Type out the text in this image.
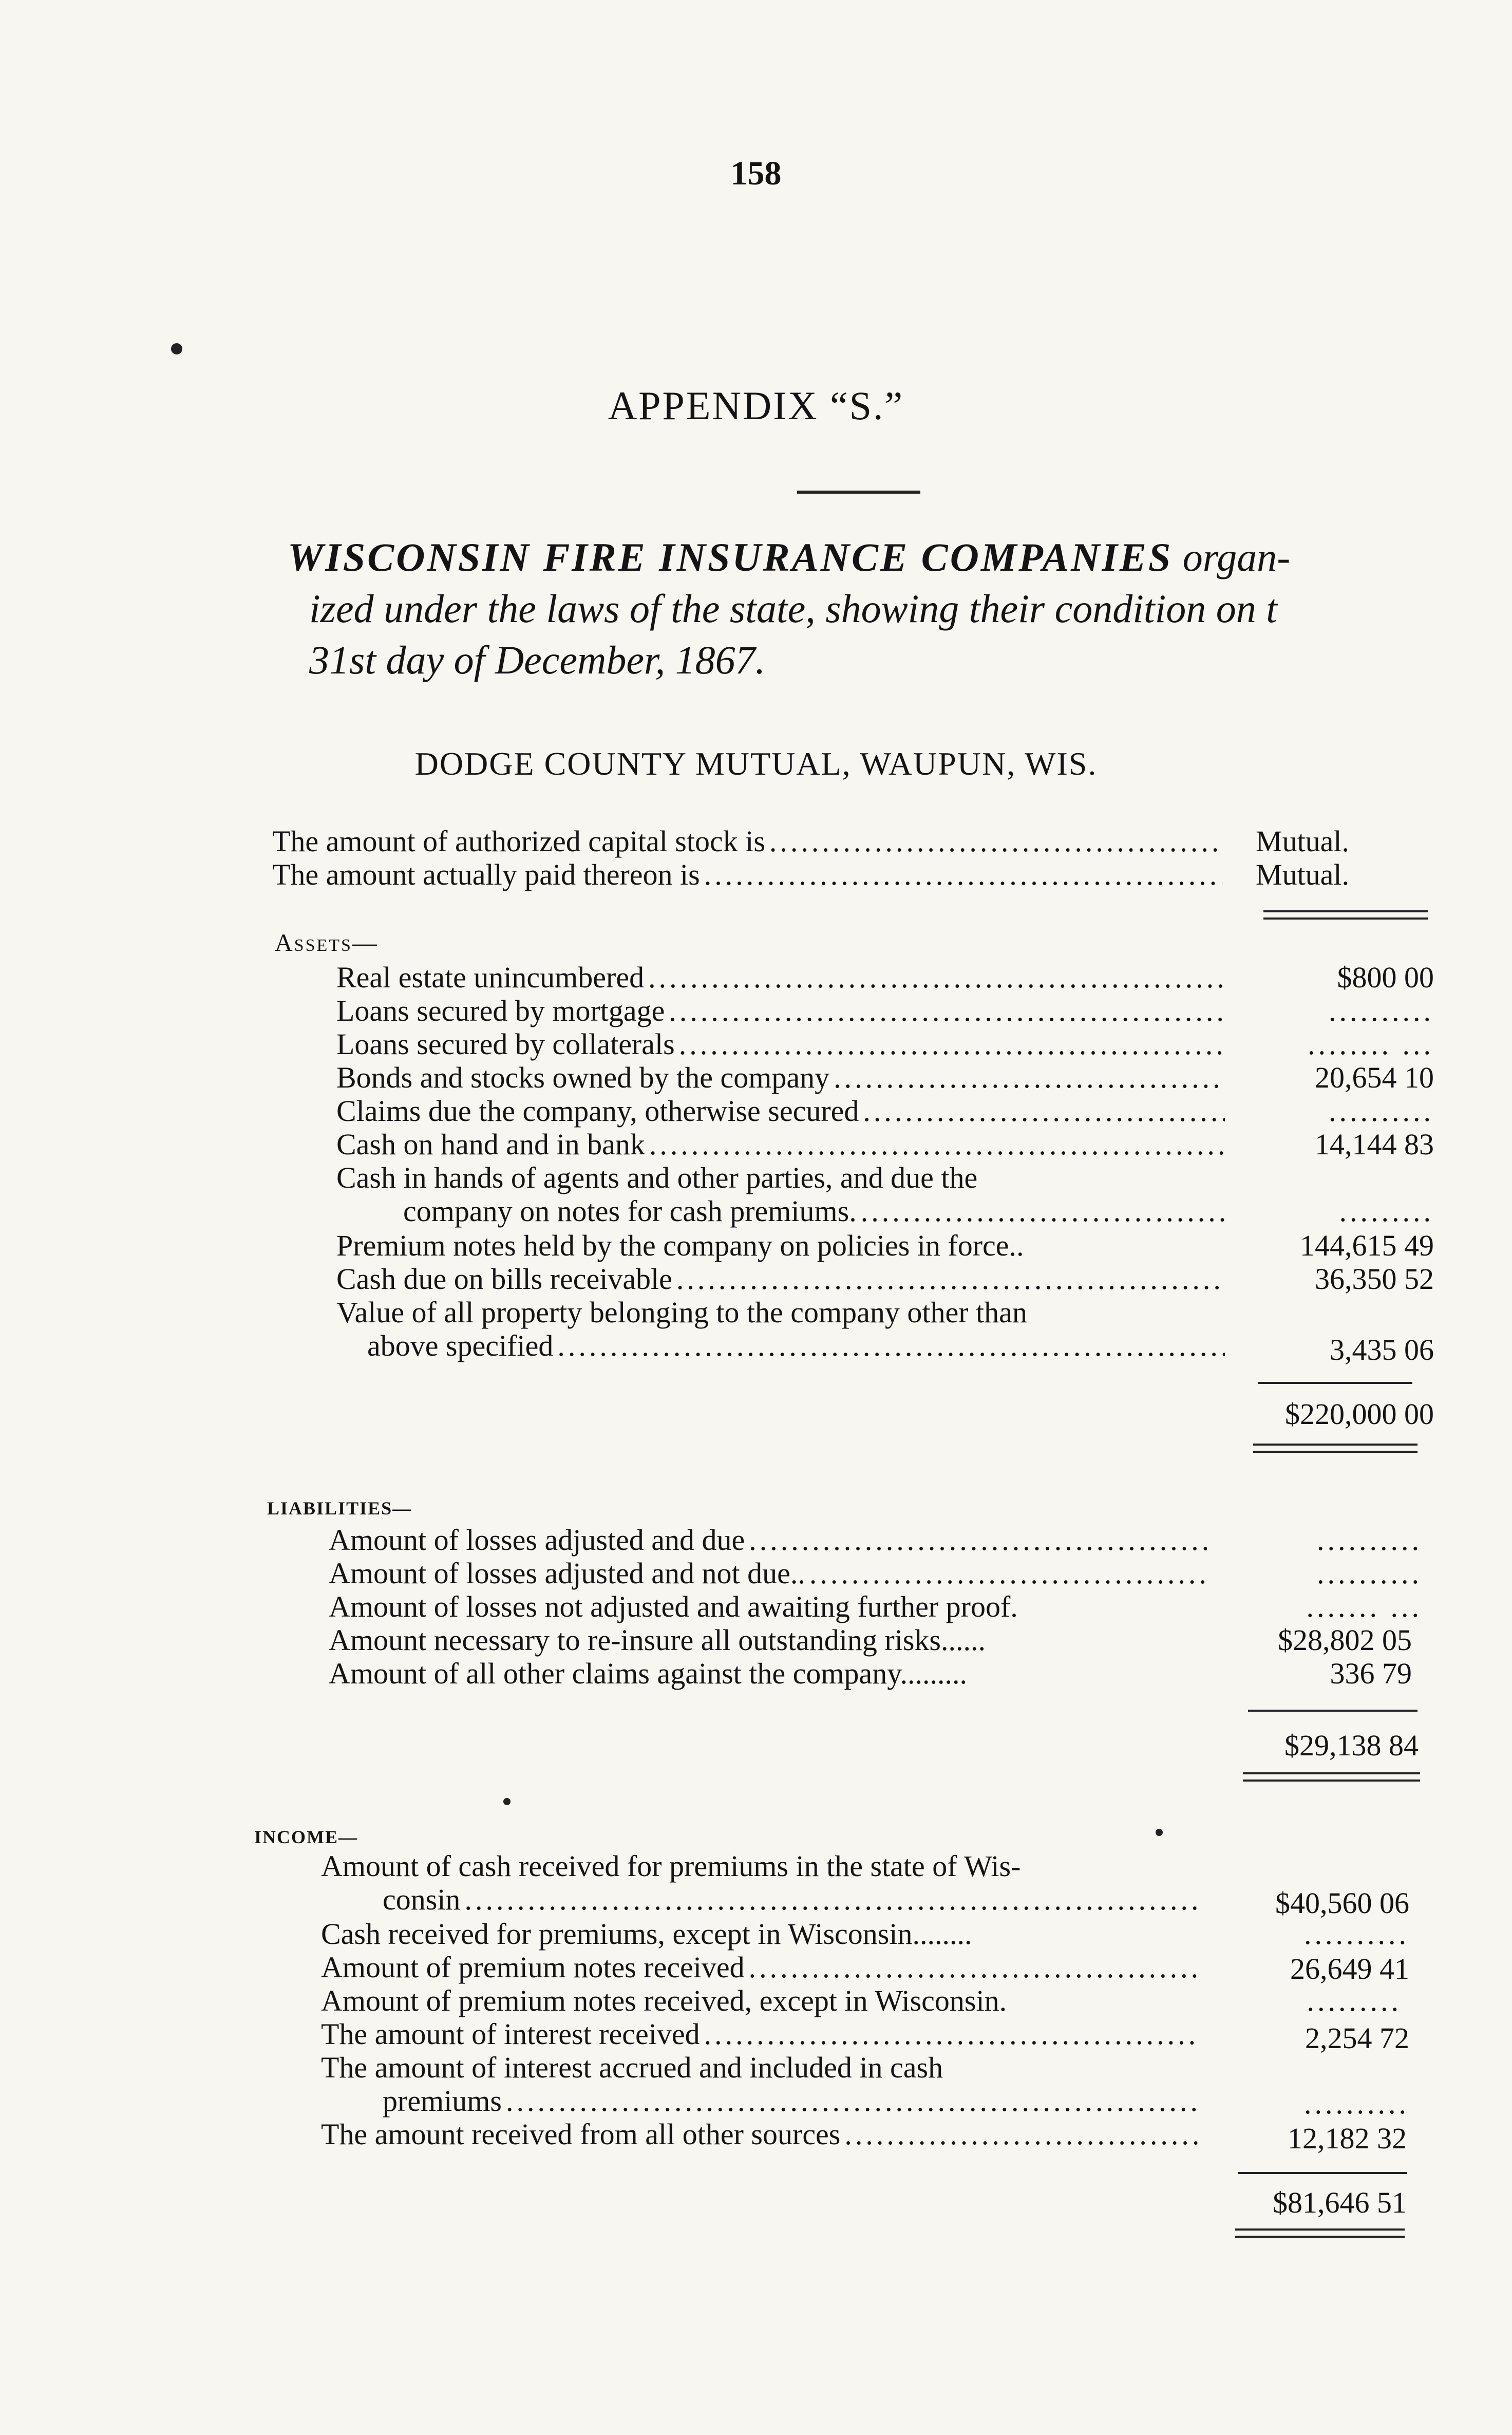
158
APPENDIX “S.”
WISCONSIN FIRE INSURANCE COMPANIES organ-
ized under the laws of the state, showing their condition on t
31st day of December, 1867.
DODGE COUNTY MUTUAL, WAUPUN, WIS.
The amount of authorized capital stock is .....	Mutual.
The amount actually paid thereon is .....	Mutual.
Assets—
Real estate unincumbered .....	$800 00
Loans secured by mortgage .....	..........
Loans secured by collaterals .....	........ ...
Bonds and stocks owned by the company .....	20,654 10
Claims due the company, otherwise secured .....	..........
Cash on hand and in bank .....	14,144 83
Cash in hands of agents and other parties, and due the
company on notes for cash premiums. .....	.........
Premium notes held by the company on policies in force..	144,615 49
Cash due on bills receivable .....	36,350 52
Value of all property belonging to the company other than
above specified .....	3,435 06
$220,000 00
LIABILITIES—
Amount of losses adjusted and due .....	..........
Amount of losses adjusted and not due.. .....	..........
Amount of losses not adjusted and awaiting further proof.	....... ...
Amount necessary to re-insure all outstanding risks......	$28,802 05
Amount of all other claims against the company.........	336 79
$29,138 84
INCOME—
Amount of cash received for premiums in the state of Wis-
consin .....	$40,560 06
Cash received for premiums, except in Wisconsin........	..........
Amount of premium notes received .....	26,649 41
Amount of premium notes received, except in Wisconsin.	.........
The amount of interest received .....	2,254 72
The amount of interest accrued and included in cash
premiums .....	..........
The amount received from all other sources .....	12,182 32
$81,646 51
